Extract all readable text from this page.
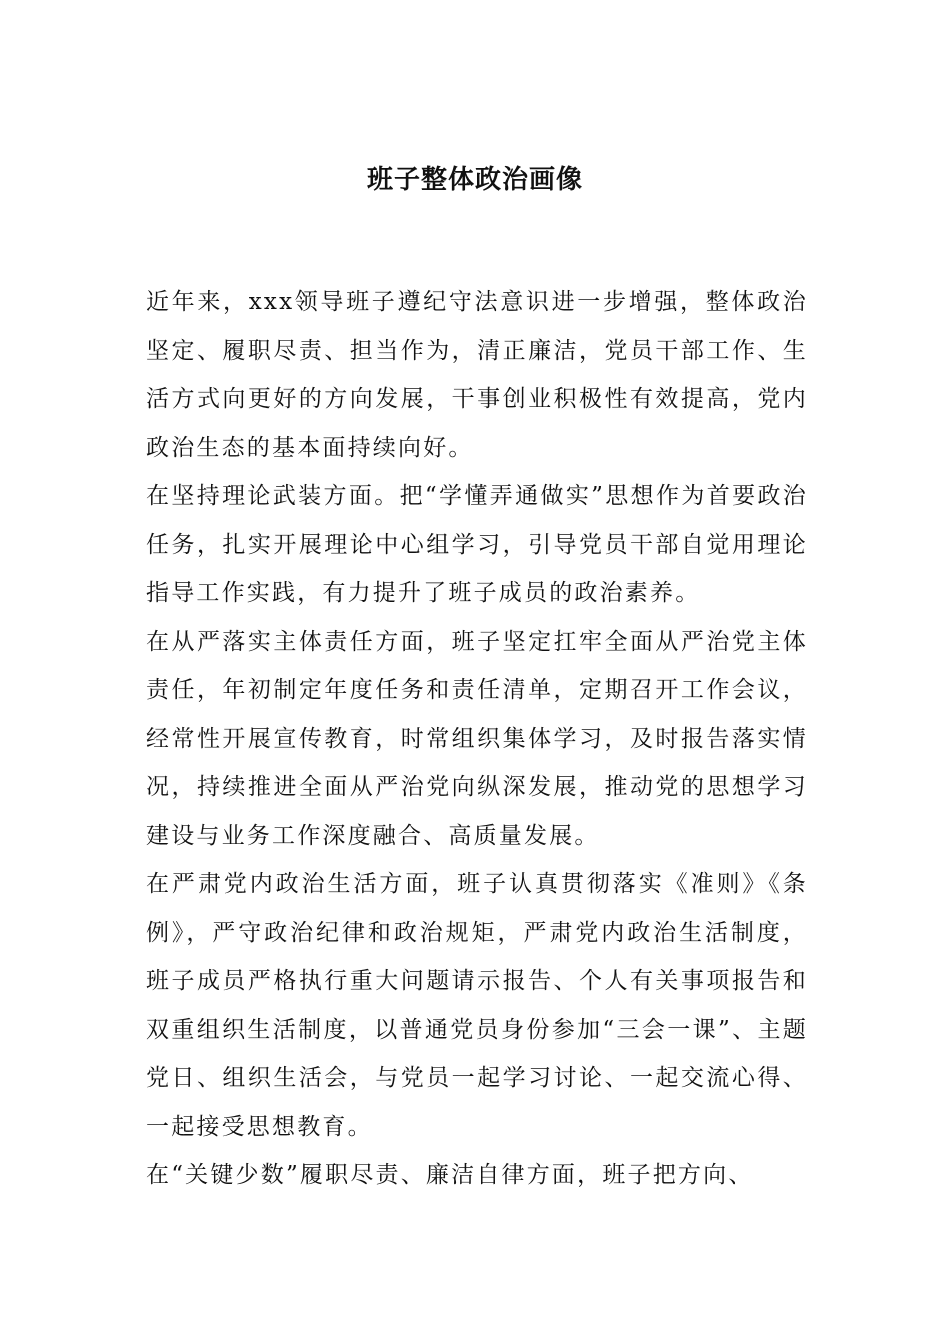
班子整体政治画像

近年来，xxx领导班子遵纪守法意识进一步增强，整体政治坚定、履职尽责、担当作为，清正廉洁，党员干部工作、生活方式向更好的方向发展，干事创业积极性有效提高，党内政治生态的基本面持续向好。

在坚持理论武装方面。把“学懂弄通做实”思想作为首要政治任务，扎实开展理论中心组学习，引导党员干部自觉用理论指导工作实践，有力提升了班子成员的政治素养。

在从严落实主体责任方面，班子坚定扛牢全面从严治党主体责任，年初制定年度任务和责任清单，定期召开工作会议，经常性开展宣传教育，时常组织集体学习，及时报告落实情况，持续推进全面从严治党向纵深发展，推动党的思想学习建设与业务工作深度融合、高质量发展。

在严肃党内政治生活方面，班子认真贯彻落实《准则》《条例》，严守政治纪律和政治规矩，严肃党内政治生活制度，班子成员严格执行重大问题请示报告、个人有关事项报告和双重组织生活制度，以普通党员身份参加“三会一课”、主题党日、组织生活会，与党员一起学习讨论、一起交流心得、一起接受思想教育。

在“关键少数”履职尽责、廉洁自律方面，班子把方向、
